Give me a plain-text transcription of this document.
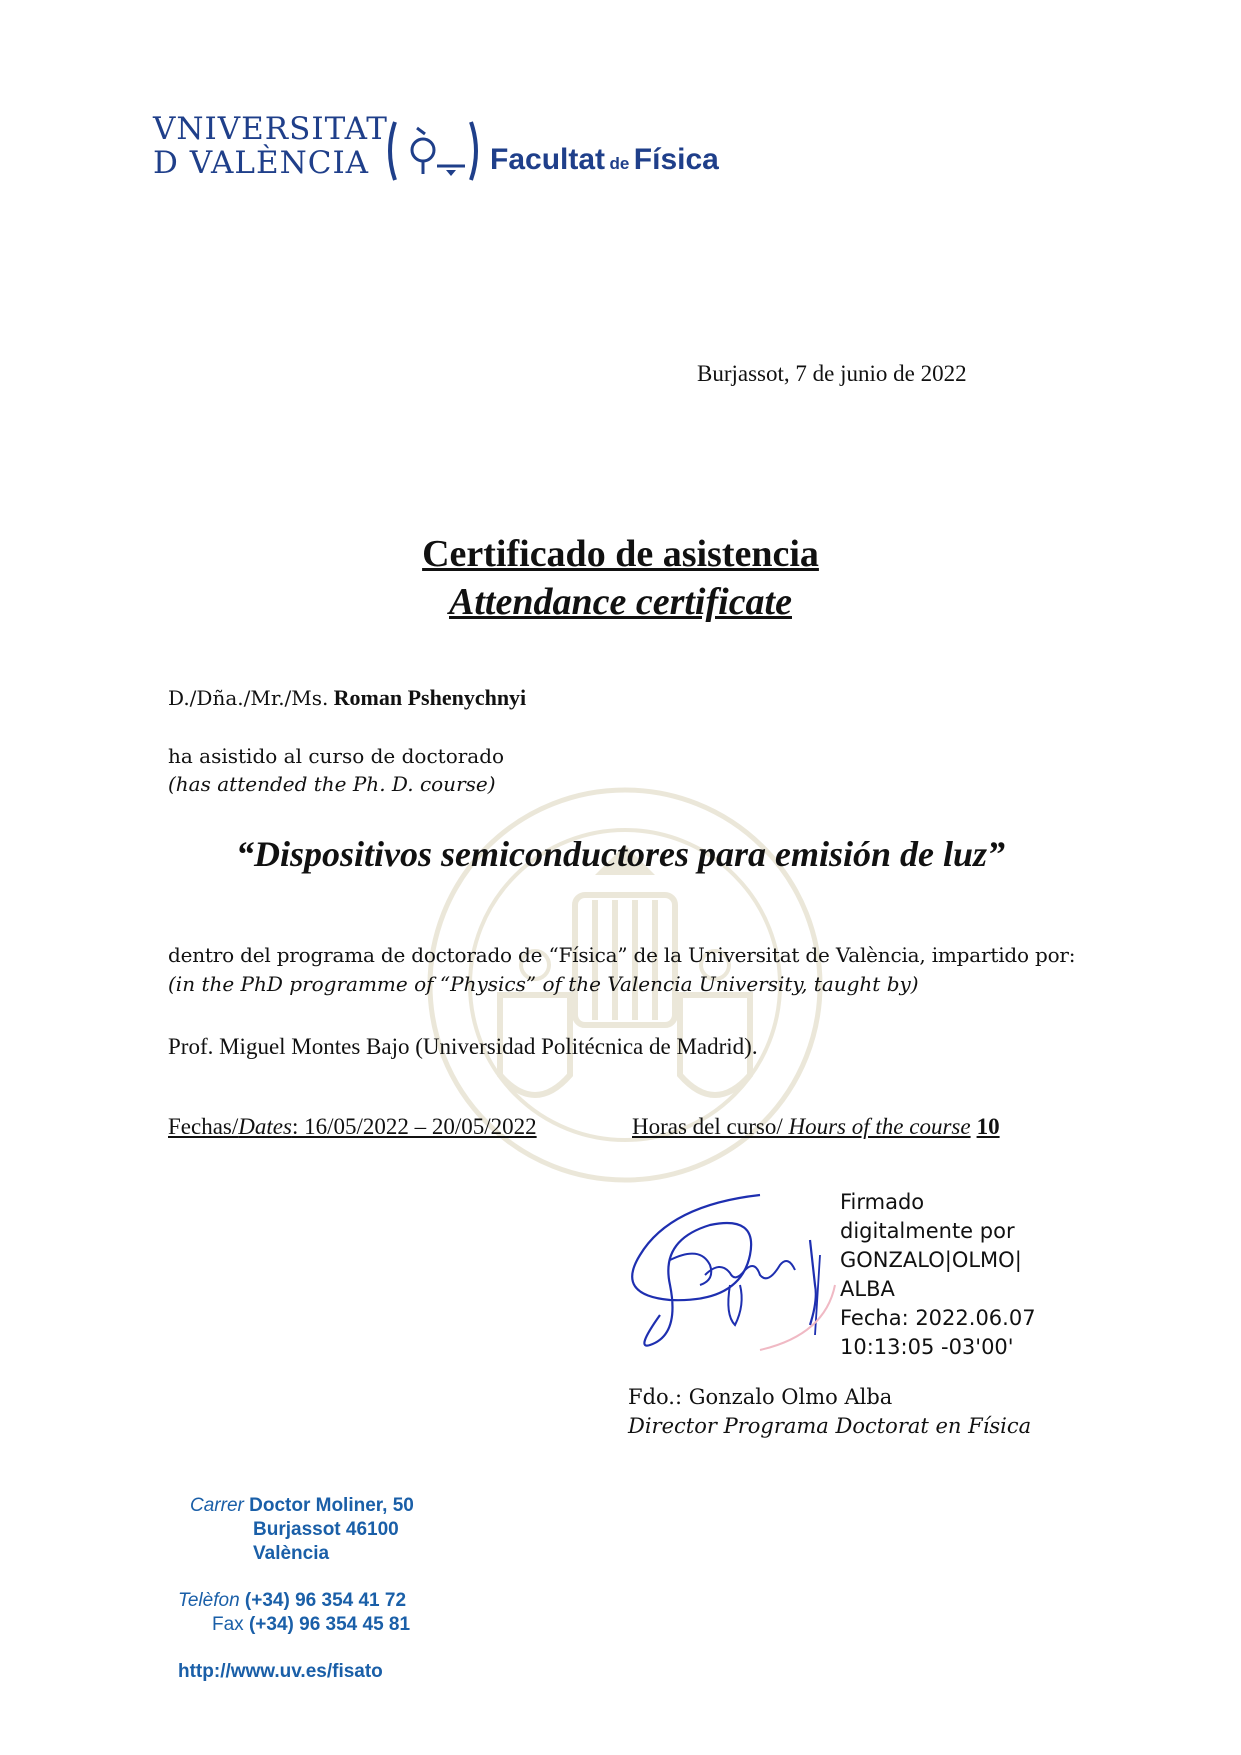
VNIVERSITAT
D VALÈNCIA	Facultat de Física
Burjassot, 7 de junio de 2022
Certificado de asistencia
Attendance certificate
D./Dña./Mr./Ms. Roman Pshenychnyi
ha asistido al curso de doctorado
(has attended the Ph. D. course)
“Dispositivos semiconductores para emisión de luz”
dentro del programa de doctorado de “Física” de la Universitat de València, impartido por:
(in the PhD programme of “Physics” of the Valencia University, taught by)
Prof. Miguel Montes Bajo (Universidad Politécnica de Madrid).
Fechas/Dates: 16/05/2022 – 20/05/2022	Horas del curso/ Hours of the course 10
Firmado
digitalmente por
GONZALO|OLMO|
ALBA
Fecha: 2022.06.07
10:13:05 -03'00'
Fdo.: Gonzalo Olmo Alba
Director Programa Doctorat en Física
Carrer Doctor Moliner, 50
Burjassot 46100
València
Telèfon (+34) 96 354 41 72
Fax (+34) 96 354 45 81
http://www.uv.es/fisato
